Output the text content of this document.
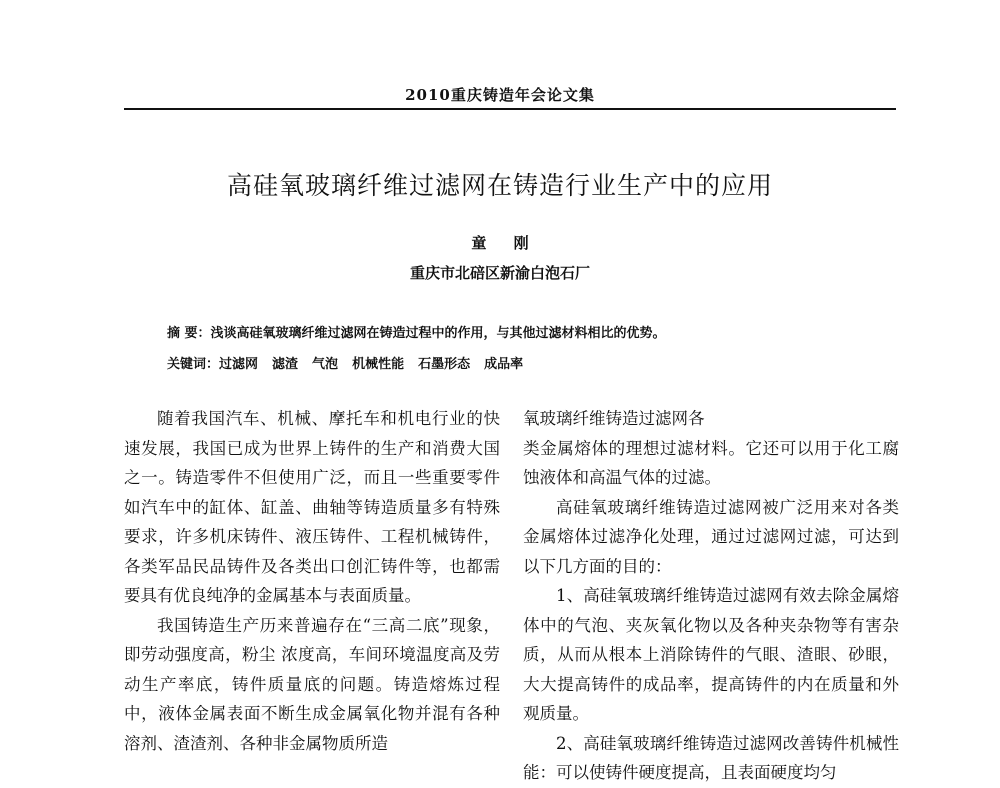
2010重庆铸造年会论文集
高硅氧玻璃纤维过滤网在铸造行业生产中的应用
童 刚
重庆市北碚区新渝白泡石厂
摘 要：浅谈高硅氧玻璃纤维过滤网在铸造过程中的作用，与其他过滤材料相比的优势。
关键词：过滤网 滤渣 气泡 机械性能 石墨形态 成品率

随着我国汽车、机械、摩托车和机电行业的快速发展，我国已成为世界上铸件的生产和消费大国之一。铸造零件不但使用广泛，而且一些重要零件如汽车中的缸体、缸盖、曲轴等铸造质量多有特殊要求，许多机床铸件、液压铸件、工程机械铸件，各类军品民品铸件及各类出口创汇铸件等，也都需要具有优良纯净的金属基本与表面质量。

我国铸造生产历来普遍存在“三高二底”现象，即劳动强度高，粉尘 浓度高，车间环境温度高及劳动生产率底，铸件质量底的问题。铸造熔炼过程中，液体金属表面不断生成金属氧化物并混有各种溶剂、渣渣剂、各种非金属物质所造

氧玻璃纤维铸造过滤网各

类金属熔体的理想过滤材料。它还可以用于化工腐蚀液体和高温气体的过滤。

高硅氧玻璃纤维铸造过滤网被广泛用来对各类金属熔体过滤净化处理，通过过滤网过滤，可达到以下几方面的目的：

1、高硅氧玻璃纤维铸造过滤网有效去除金属熔体中的气泡、夹灰氧化物以及各种夹杂物等有害杂质，从而从根本上消除铸件的气眼、渣眼、砂眼，大大提高铸件的成品率，提高铸件的内在质量和外观质量。

2、高硅氧玻璃纤维铸造过滤网改善铸件机械性能：可以使铸件硬度提高，且表面硬度均匀
